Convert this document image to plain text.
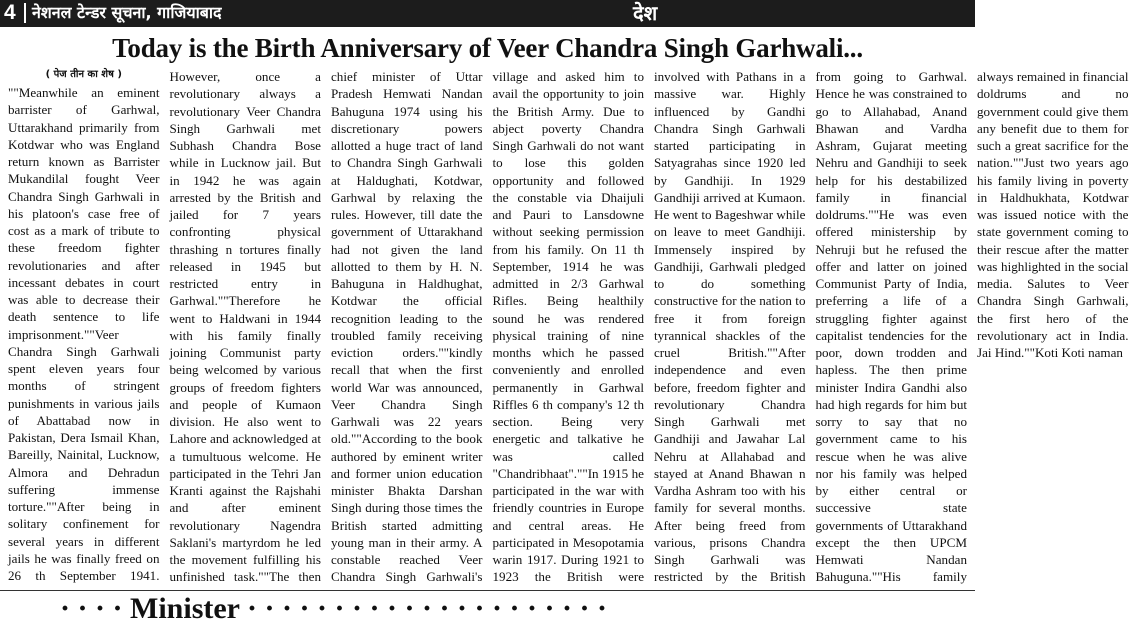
4 नेशनल टेन्डर सूचना, गाजियाबाद	देश
Today is the Birth Anniversary of Veer Chandra Singh Garhwali...
( पेज तीन का शेष )

""Meanwhile an eminent barrister of Garhwal, Uttarakhand primarily from Kotdwar who was England return known as Barrister Mukandilal fought Veer Chandra Singh Garhwali in his platoon's case free of cost as a mark of tribute to these freedom fighter revolutionaries and after incessant debates in court was able to decrease their death sentence to life imprisonment.""Veer Chandra Singh Garhwali spent eleven years four months of stringent punishments in various jails of Abattabad now in Pakistan, Dera Ismail Khan, Bareilly, Nainital, Lucknow, Almora and Dehradun suffering immense torture.""After being in solitary confinement for several years in different jails he was finally freed on 26 th September 1941. However, once a revolutionary always a revolutionary Veer Chandra Singh Garhwali met Subhash Chandra Bose while in Lucknow jail. But in 1942 he was again arrested by the British and jailed for 7 years confronting physical thrashing n tortures finally released in 1945 but restricted entry in Garhwal.""Therefore he went to Haldwani in 1944 with his family finally joining Communist party being welcomed by various groups of freedom fighters and people of Kumaon division. He also went to Lahore and acknowledged at a tumultuous welcome. He participated in the Tehri Jan Kranti against the Rajshahi and after eminent revolutionary Nagendra Saklani's martyrdom he led the movement fulfilling his unfinished task.""The then chief minister of Uttar Pradesh Hemwati Nandan Bahuguna 1974 using his discretionary powers allotted a huge tract of land to Chandra Singh Garhwali at Haldughati, Kotdwar, Garhwal by relaxing the rules. However, till date the government of Uttarakhand had not given the land allotted to them by H. N. Bahuguna in Haldhughat, Kotdwar the official recognition leading to the troubled family receiving eviction orders.""kindly recall that when the first world War was announced, Veer Chandra Singh Garhwali was 22 years old.""According to the book authored by eminent writer and former union education minister Bhakta Darshan Singh during those times the British started admitting young man in their army. A constable reached Veer Chandra Singh Garhwali's village and asked him to avail the opportunity to join the British Army. Due to abject poverty Chandra Singh Garhwali do not want to lose this golden opportunity and followed the constable via Dhaijuli and Pauri to Lansdowne without seeking permission from his family. On 11 th September, 1914 he was admitted in 2/3 Garhwal Rifles. Being healthily sound he was rendered physical training of nine months which he passed conveniently and enrolled permanently in Garhwal Riffles 6 th company's 12 th section. Being very energetic and talkative he was called "Chandribhaat".""In 1915 he participated in the war with friendly countries in Europe and central areas. He participated in Mesopotamia warin 1917. During 1921 to 1923 the British were involved with Pathans in a massive war. Highly influenced by Gandhi Chandra Singh Garhwali started participating in Satyagrahas since 1920 led by Gandhiji. In 1929 Gandhiji arrived at Kumaon. He went to Bageshwar while on leave to meet Gandhiji. Immensely inspired by Gandhiji, Garhwali pledged to do something constructive for the nation to free it from foreign tyrannical shackles of the cruel British.""After independence and even before, freedom fighter and revolutionary Chandra Singh Garhwali met Gandhiji and Jawahar Lal Nehru at Allahabad and stayed at Anand Bhawan n Vardha Ashram too with his family for several months. After being freed from various, prisons Chandra Singh Garhwali was restricted by the British from going to Garhwal. Hence he was constrained to go to Allahabad, Anand Bhawan and Vardha Ashram, Gujarat meeting Nehru and Gandhiji to seek help for his destabilized family in financial doldrums.""He was even offered ministership by Nehruji but he refused the offer and latter on joined Communist Party of India, preferring a life of a struggling fighter against capitalist tendencies for the poor, down trodden and hapless. The then prime minister Indira Gandhi also had high regards for him but sorry to say that no government came to his rescue when he was alive nor his family was helped by either central or successive state governments of Uttarakhand except the then UPCM Hemwati Nandan Bahuguna.""His family always remained in financial doldrums and no government could give them any benefit due to them for such a great sacrifice for the nation.""Just two years ago his family living in poverty in Haldhukhata, Kotdwar was issued notice with the state government coming to their rescue after the matter was highlighted in the social media. Salutes to Veer Chandra Singh Garhwali, the first hero of the revolutionary act in India. Jai Hind.""Koti Koti naman

· · · · Minister · · · · · · · · · · · · · · · · · · · · ·
